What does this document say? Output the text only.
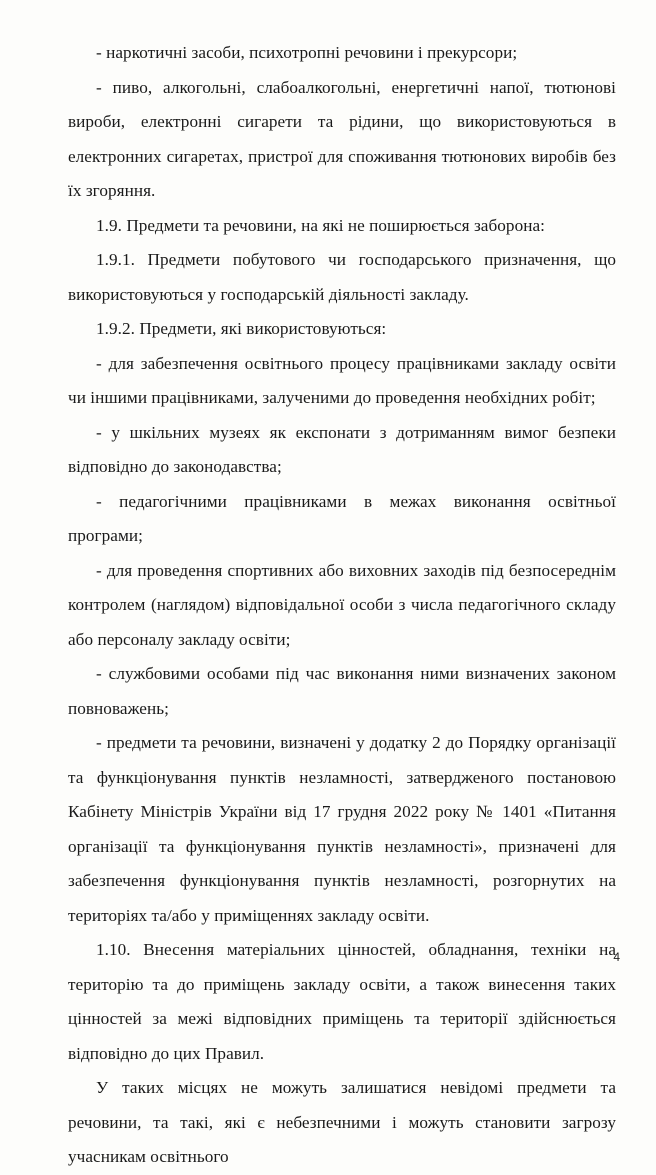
- наркотичні засоби, психотропні речовини і прекурсори;

- пиво, алкогольні, слабоалкогольні, енергетичні напої, тютюнові вироби, електронні сигарети та рідини, що використовуються в електронних сигаретах, пристрої для споживання тютюнових виробів без їх згоряння.

1.9. Предмети та речовини, на які не поширюється заборона:

1.9.1. Предмети побутового чи господарського призначення, що використовуються у господарській діяльності закладу.

1.9.2. Предмети, які використовуються:

- для забезпечення освітнього процесу працівниками закладу освіти чи іншими працівниками, залученими до проведення необхідних робіт;

- у шкільних музеях як експонати з дотриманням вимог безпеки відповідно до законодавства;

- педагогічними працівниками в межах виконання освітньої програми;

- для проведення спортивних або виховних заходів під безпосереднім контролем (наглядом) відповідальної особи з числа педагогічного складу або персоналу закладу освіти;

- службовими особами під час виконання ними визначених законом повноважень;

- предмети та речовини, визначені у додатку 2 до Порядку організації та функціонування пунктів незламності, затвердженого постановою Кабінету Міністрів України від 17 грудня 2022 року № 1401 «Питання організації та функціонування пунктів незламності», призначені для забезпечення функціонування пунктів незламності, розгорнутих на територіях та/або у приміщеннях закладу освіти.

1.10. Внесення матеріальних цінностей, обладнання, техніки на територію та до приміщень закладу освіти, а також винесення таких цінностей за межі відповідних приміщень та території здійснюється відповідно до цих Правил.

У таких місцях не можуть залишатися невідомі предмети та речовини, та такі, які є небезпечними і можуть становити загрозу учасникам освітнього

4
